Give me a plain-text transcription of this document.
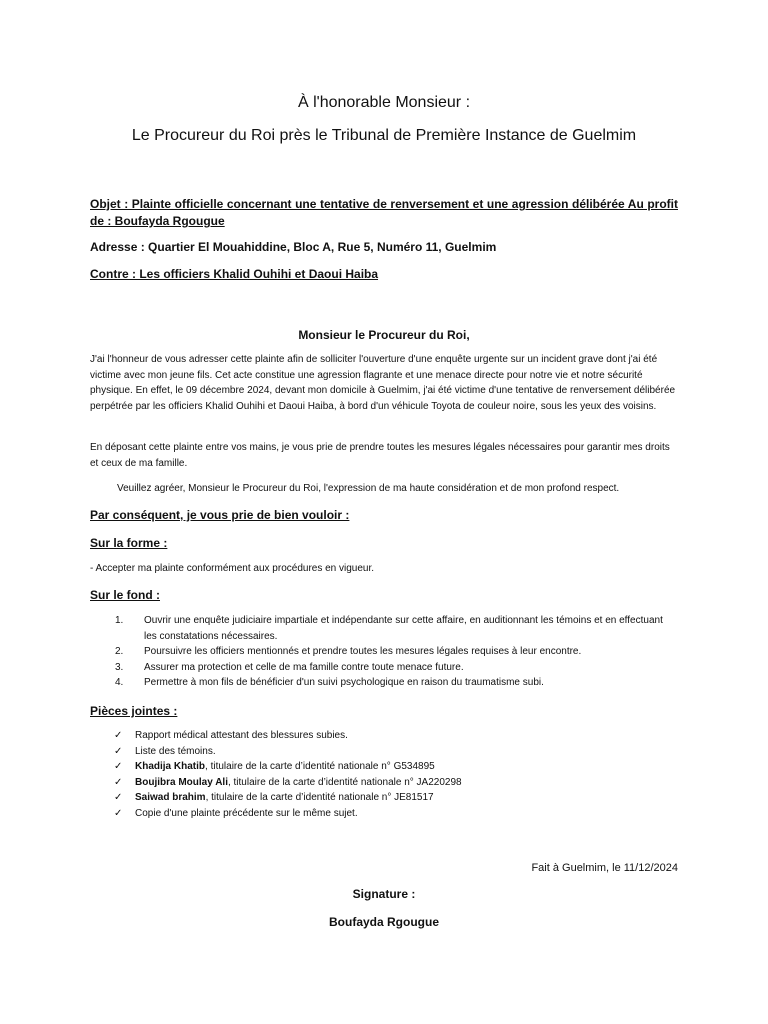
À l'honorable Monsieur :

Le Procureur du Roi près le Tribunal de Première Instance de Guelmim

Objet : Plainte officielle concernant une tentative de renversement et une agression délibérée Au profit de : Boufayda Rgougue

Adresse : Quartier El Mouahiddine, Bloc A, Rue 5, Numéro 11, Guelmim

Contre : Les officiers Khalid Ouhihi et Daoui Haiba

Monsieur le Procureur du Roi,

J'ai l'honneur de vous adresser cette plainte afin de solliciter l'ouverture d'une enquête urgente sur un incident grave dont j'ai été victime avec mon jeune fils. Cet acte constitue une agression flagrante et une menace directe pour notre vie et notre sécurité physique. En effet, le 09 décembre 2024, devant mon domicile à Guelmim, j'ai été victime d'une tentative de renversement délibérée perpétrée par les officiers Khalid Ouhihi et Daoui Haiba, à bord d'un véhicule Toyota de couleur noire, sous les yeux des voisins.

En déposant cette plainte entre vos mains, je vous prie de prendre toutes les mesures légales nécessaires pour garantir mes droits et ceux de ma famille.

Veuillez agréer, Monsieur le Procureur du Roi, l'expression de ma haute considération et de mon profond respect.

Par conséquent, je vous prie de bien vouloir :

Sur la forme :

- Accepter ma plainte conformément aux procédures en vigueur.

Sur le fond :

1.	Ouvrir une enquête judiciaire impartiale et indépendante sur cette affaire, en auditionnant les témoins et en effectuant les constatations nécessaires.
2.	Poursuivre les officiers mentionnés et prendre toutes les mesures légales requises à leur encontre.
3.	Assurer ma protection et celle de ma famille contre toute menace future.
4.	Permettre à mon fils de bénéficier d'un suivi psychologique en raison du traumatisme subi.

Pièces jointes :

✓	Rapport médical attestant des blessures subies.
✓	Liste des témoins.
✓	Khadija Khatib, titulaire de la carte d’identité nationale n° G534895
✓	Boujibra Moulay Ali, titulaire de la carte d’identité nationale n° JA220298
✓	Saiwad brahim, titulaire de la carte d’identité nationale n° JE81517
✓	Copie d'une plainte précédente sur le même sujet.

Fait à Guelmim, le 11/12/2024

Signature :

Boufayda Rgougue
